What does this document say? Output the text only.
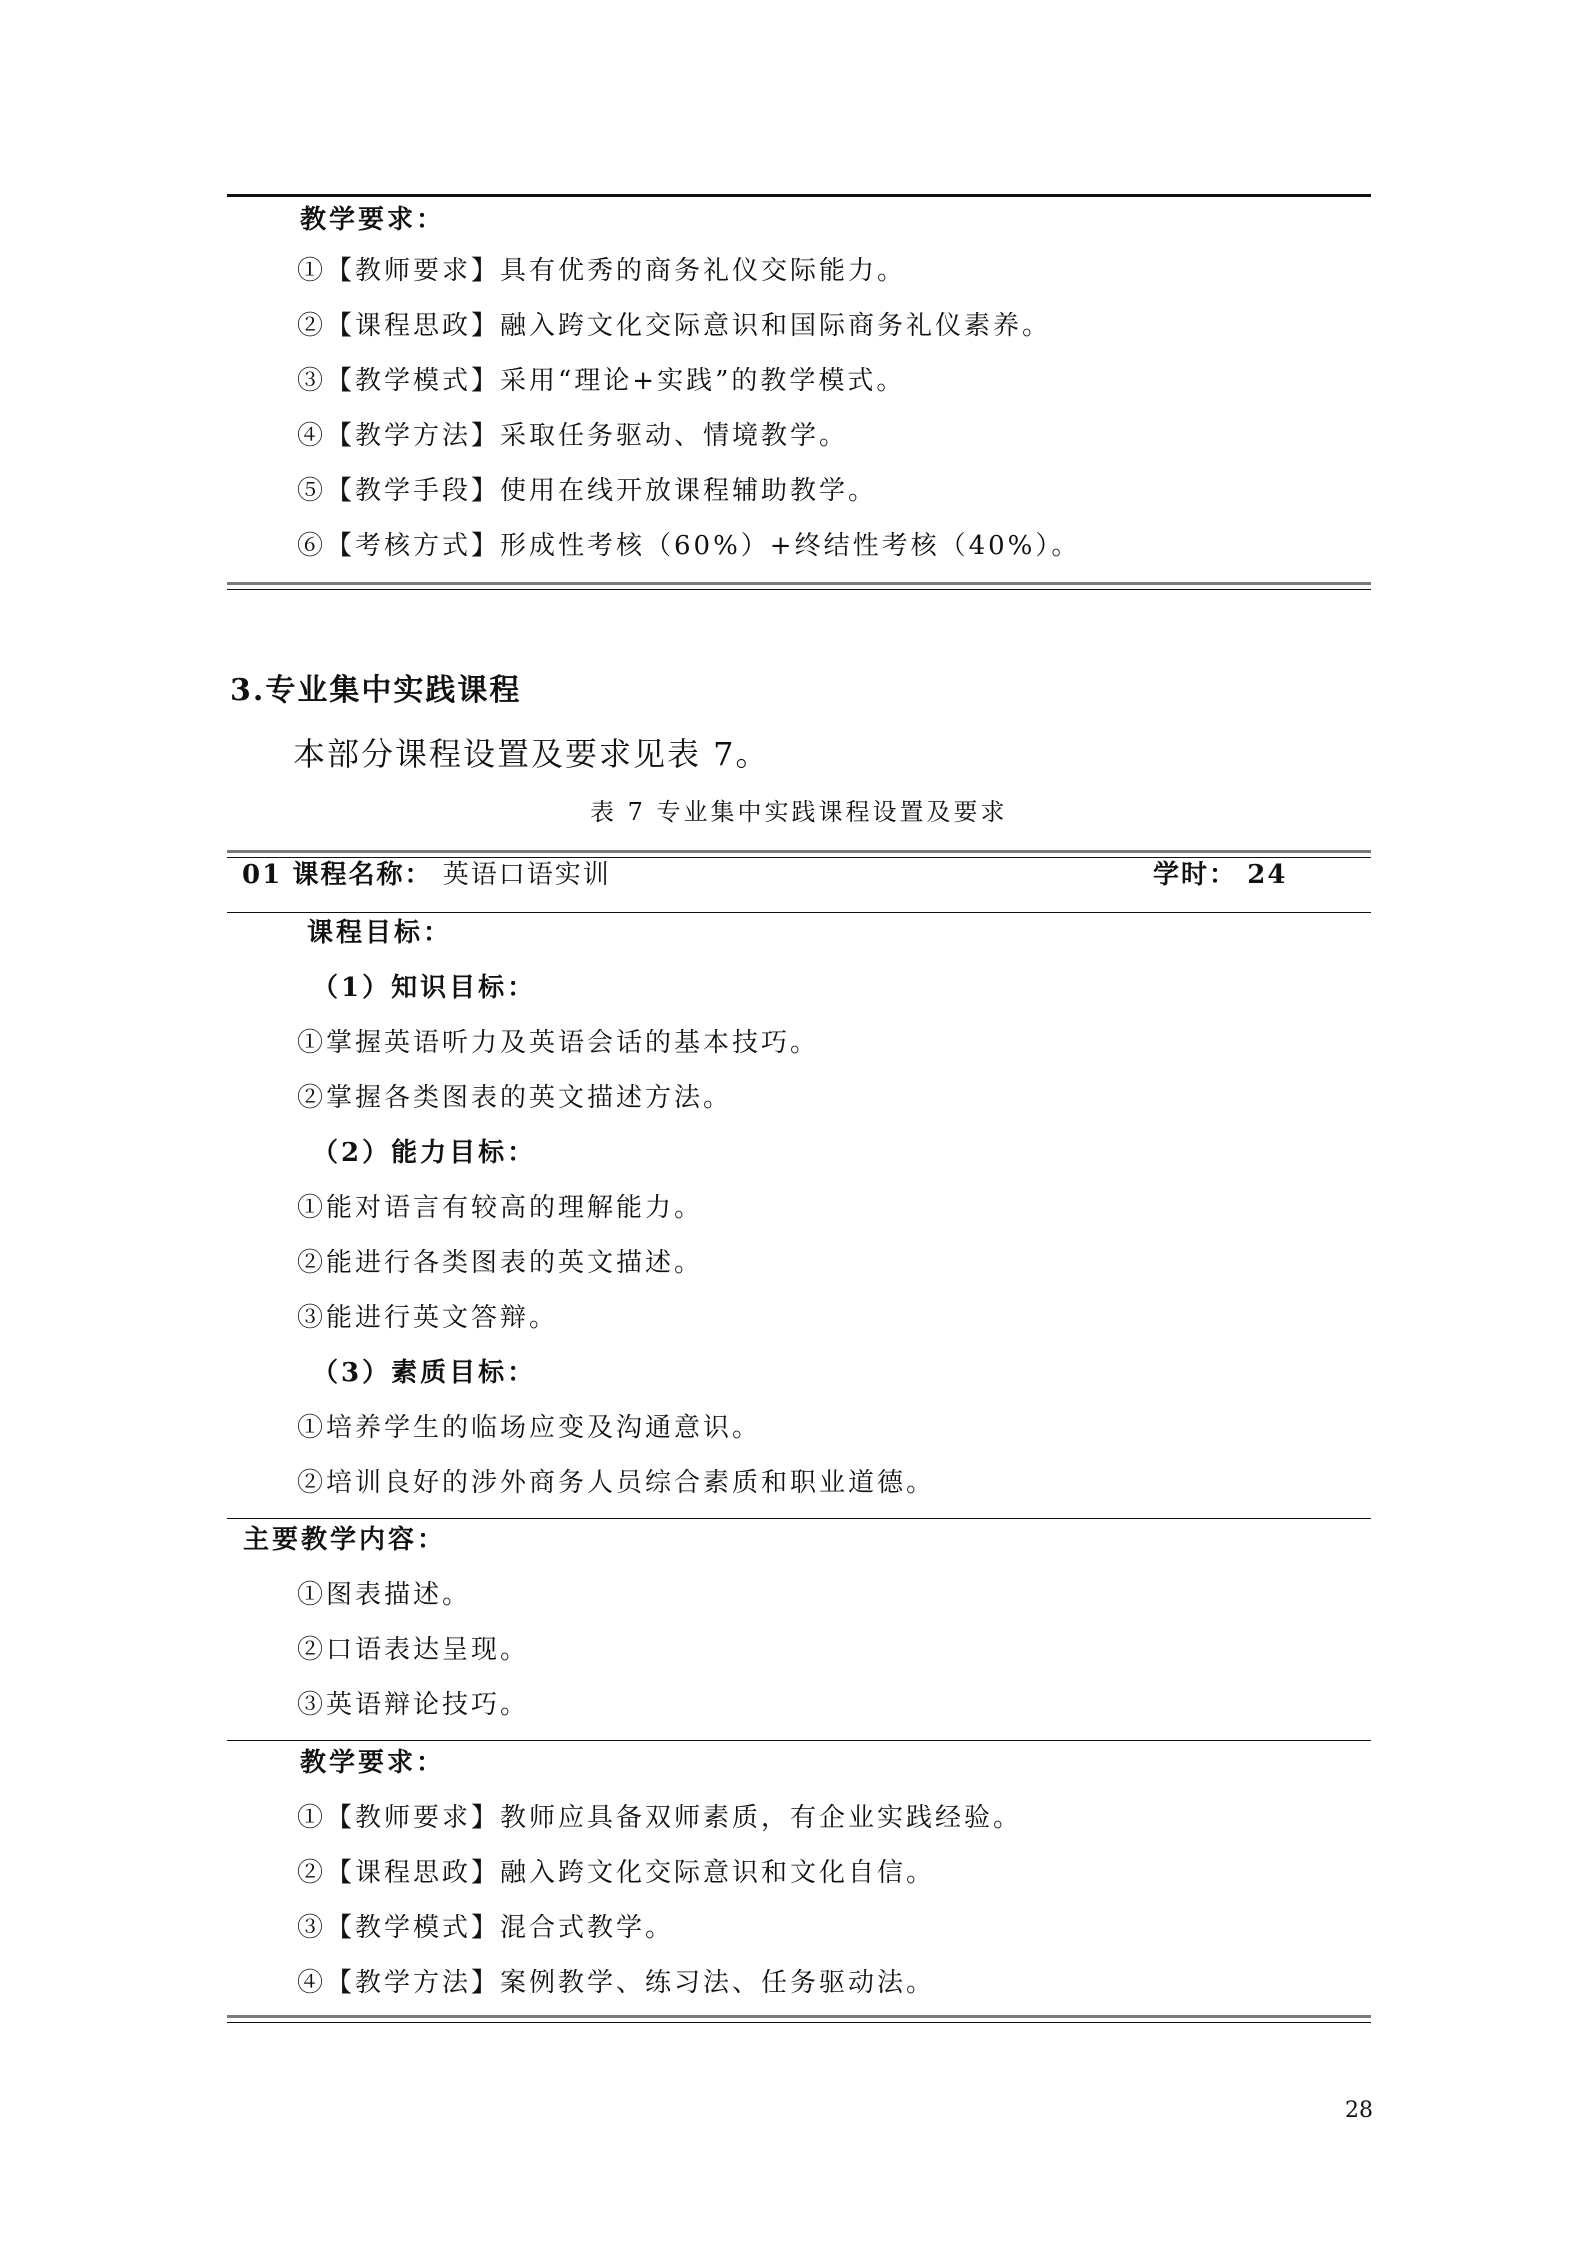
教学要求：
①【教师要求】具有优秀的商务礼仪交际能力。
②【课程思政】融入跨文化交际意识和国际商务礼仪素养。
③【教学模式】采用“理论+实践”的教学模式。
④【教学方法】采取任务驱动、情境教学。
⑤【教学手段】使用在线开放课程辅助教学。
⑥【考核方式】形成性考核（60%）+终结性考核（40%）。
3.专业集中实践课程
本部分课程设置及要求见表 7。
表 7 专业集中实践课程设置及要求
01 课程名称： 英语口语实训	学时： 24
课程目标：
（1）知识目标：
①掌握英语听力及英语会话的基本技巧。
②掌握各类图表的英文描述方法。
（2）能力目标：
①能对语言有较高的理解能力。
②能进行各类图表的英文描述。
③能进行英文答辩。
（3）素质目标：
①培养学生的临场应变及沟通意识。
②培训良好的涉外商务人员综合素质和职业道德。
主要教学内容：
①图表描述。
②口语表达呈现。
③英语辩论技巧。
教学要求：
①【教师要求】教师应具备双师素质，有企业实践经验。
②【课程思政】融入跨文化交际意识和文化自信。
③【教学模式】混合式教学。
④【教学方法】案例教学、练习法、任务驱动法。
28
